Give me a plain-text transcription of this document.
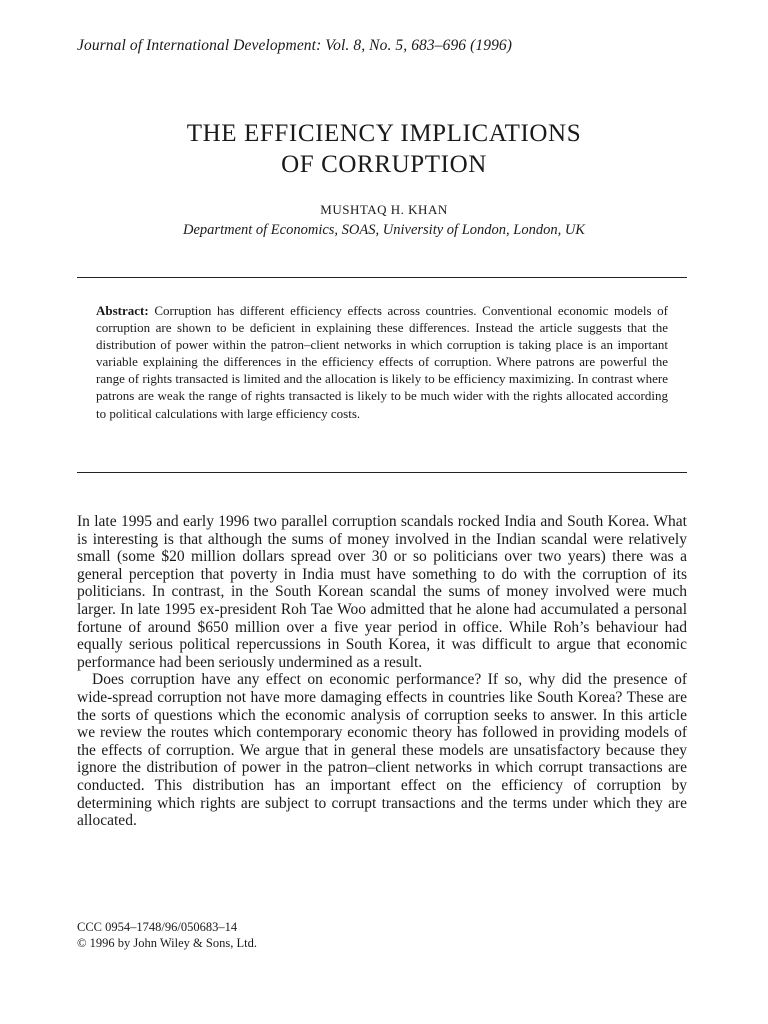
Journal of International Development: Vol. 8, No. 5, 683–696 (1996)
THE EFFICIENCY IMPLICATIONS
OF CORRUPTION
MUSHTAQ H. KHAN
Department of Economics, SOAS, University of London, London, UK
Abstract: Corruption has different efficiency effects across countries. Conventional economic models of corruption are shown to be deficient in explaining these differences. Instead the article suggests that the distribution of power within the patron–client networks in which corruption is taking place is an important variable explaining the differences in the efficiency effects of corruption. Where patrons are powerful the range of rights transacted is limited and the allocation is likely to be efficiency maximizing. In contrast where patrons are weak the range of rights transacted is likely to be much wider with the rights allocated according to political calculations with large efficiency costs.

In late 1995 and early 1996 two parallel corruption scandals rocked India and South Korea. What is interesting is that although the sums of money involved in the Indian scandal were relatively small (some $20 million dollars spread over 30 or so politicians over two years) there was a general perception that poverty in India must have something to do with the corruption of its politicians. In contrast, in the South Korean scandal the sums of money involved were much larger. In late 1995 ex-president Roh Tae Woo admitted that he alone had accumulated a personal fortune of around $650 million over a five year period in office. While Roh’s behaviour had equally serious political repercussions in South Korea, it was difficult to argue that economic performance had been seriously undermined as a result.

Does corruption have any effect on economic performance? If so, why did the presence of wide-spread corruption not have more damaging effects in countries like South Korea? These are the sorts of questions which the economic analysis of corruption seeks to answer. In this article we review the routes which contemporary economic theory has followed in providing models of the effects of corruption. We argue that in general these models are unsatisfactory because they ignore the distribution of power in the patron–client networks in which corrupt transactions are conducted. This distribution has an important effect on the efficiency of corruption by determining which rights are subject to corrupt transactions and the terms under which they are allocated.

CCC 0954–1748/96/050683–14
© 1996 by John Wiley & Sons, Ltd.
